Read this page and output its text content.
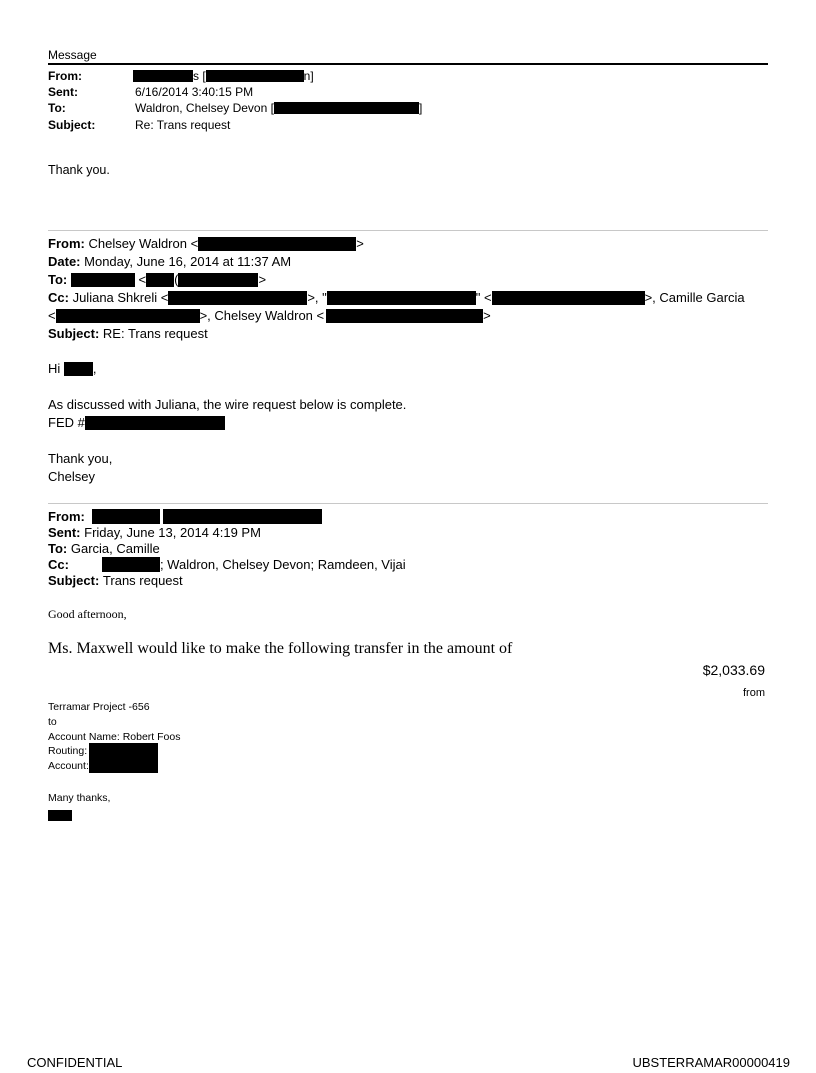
Message
From:	s [	n]
Sent:	6/16/2014 3:40:15 PM
To:	Waldron, Chelsey Devon [	]
Subject:	Re: Trans request
Thank you.
From: Chelsey Waldron <	>
Date: Monday, June 16, 2014 at 11:37 AM
To:	< (	>
Cc: Juliana Shkreli <	>, "	" <	>, Camille Garcia
<	>, Chelsey Waldron <	>
Subject: RE: Trans request
Hi	,
As discussed with Juliana, the wire request below is complete.
FED #
Thank you,
Chelsey
From:
Sent: Friday, June 13, 2014 4:19 PM
To: Garcia, Camille
Cc:	; Waldron, Chelsey Devon; Ramdeen, Vijai
Subject: Trans request
Good afternoon,
Ms. Maxwell would like to make the following transfer in the amount of
$2,033.69
from
Terramar Project -656
to
Account Name: Robert Foos
Routing:
Account:
Many thanks,
CONFIDENTIAL	UBSTERRAMAR00000419
